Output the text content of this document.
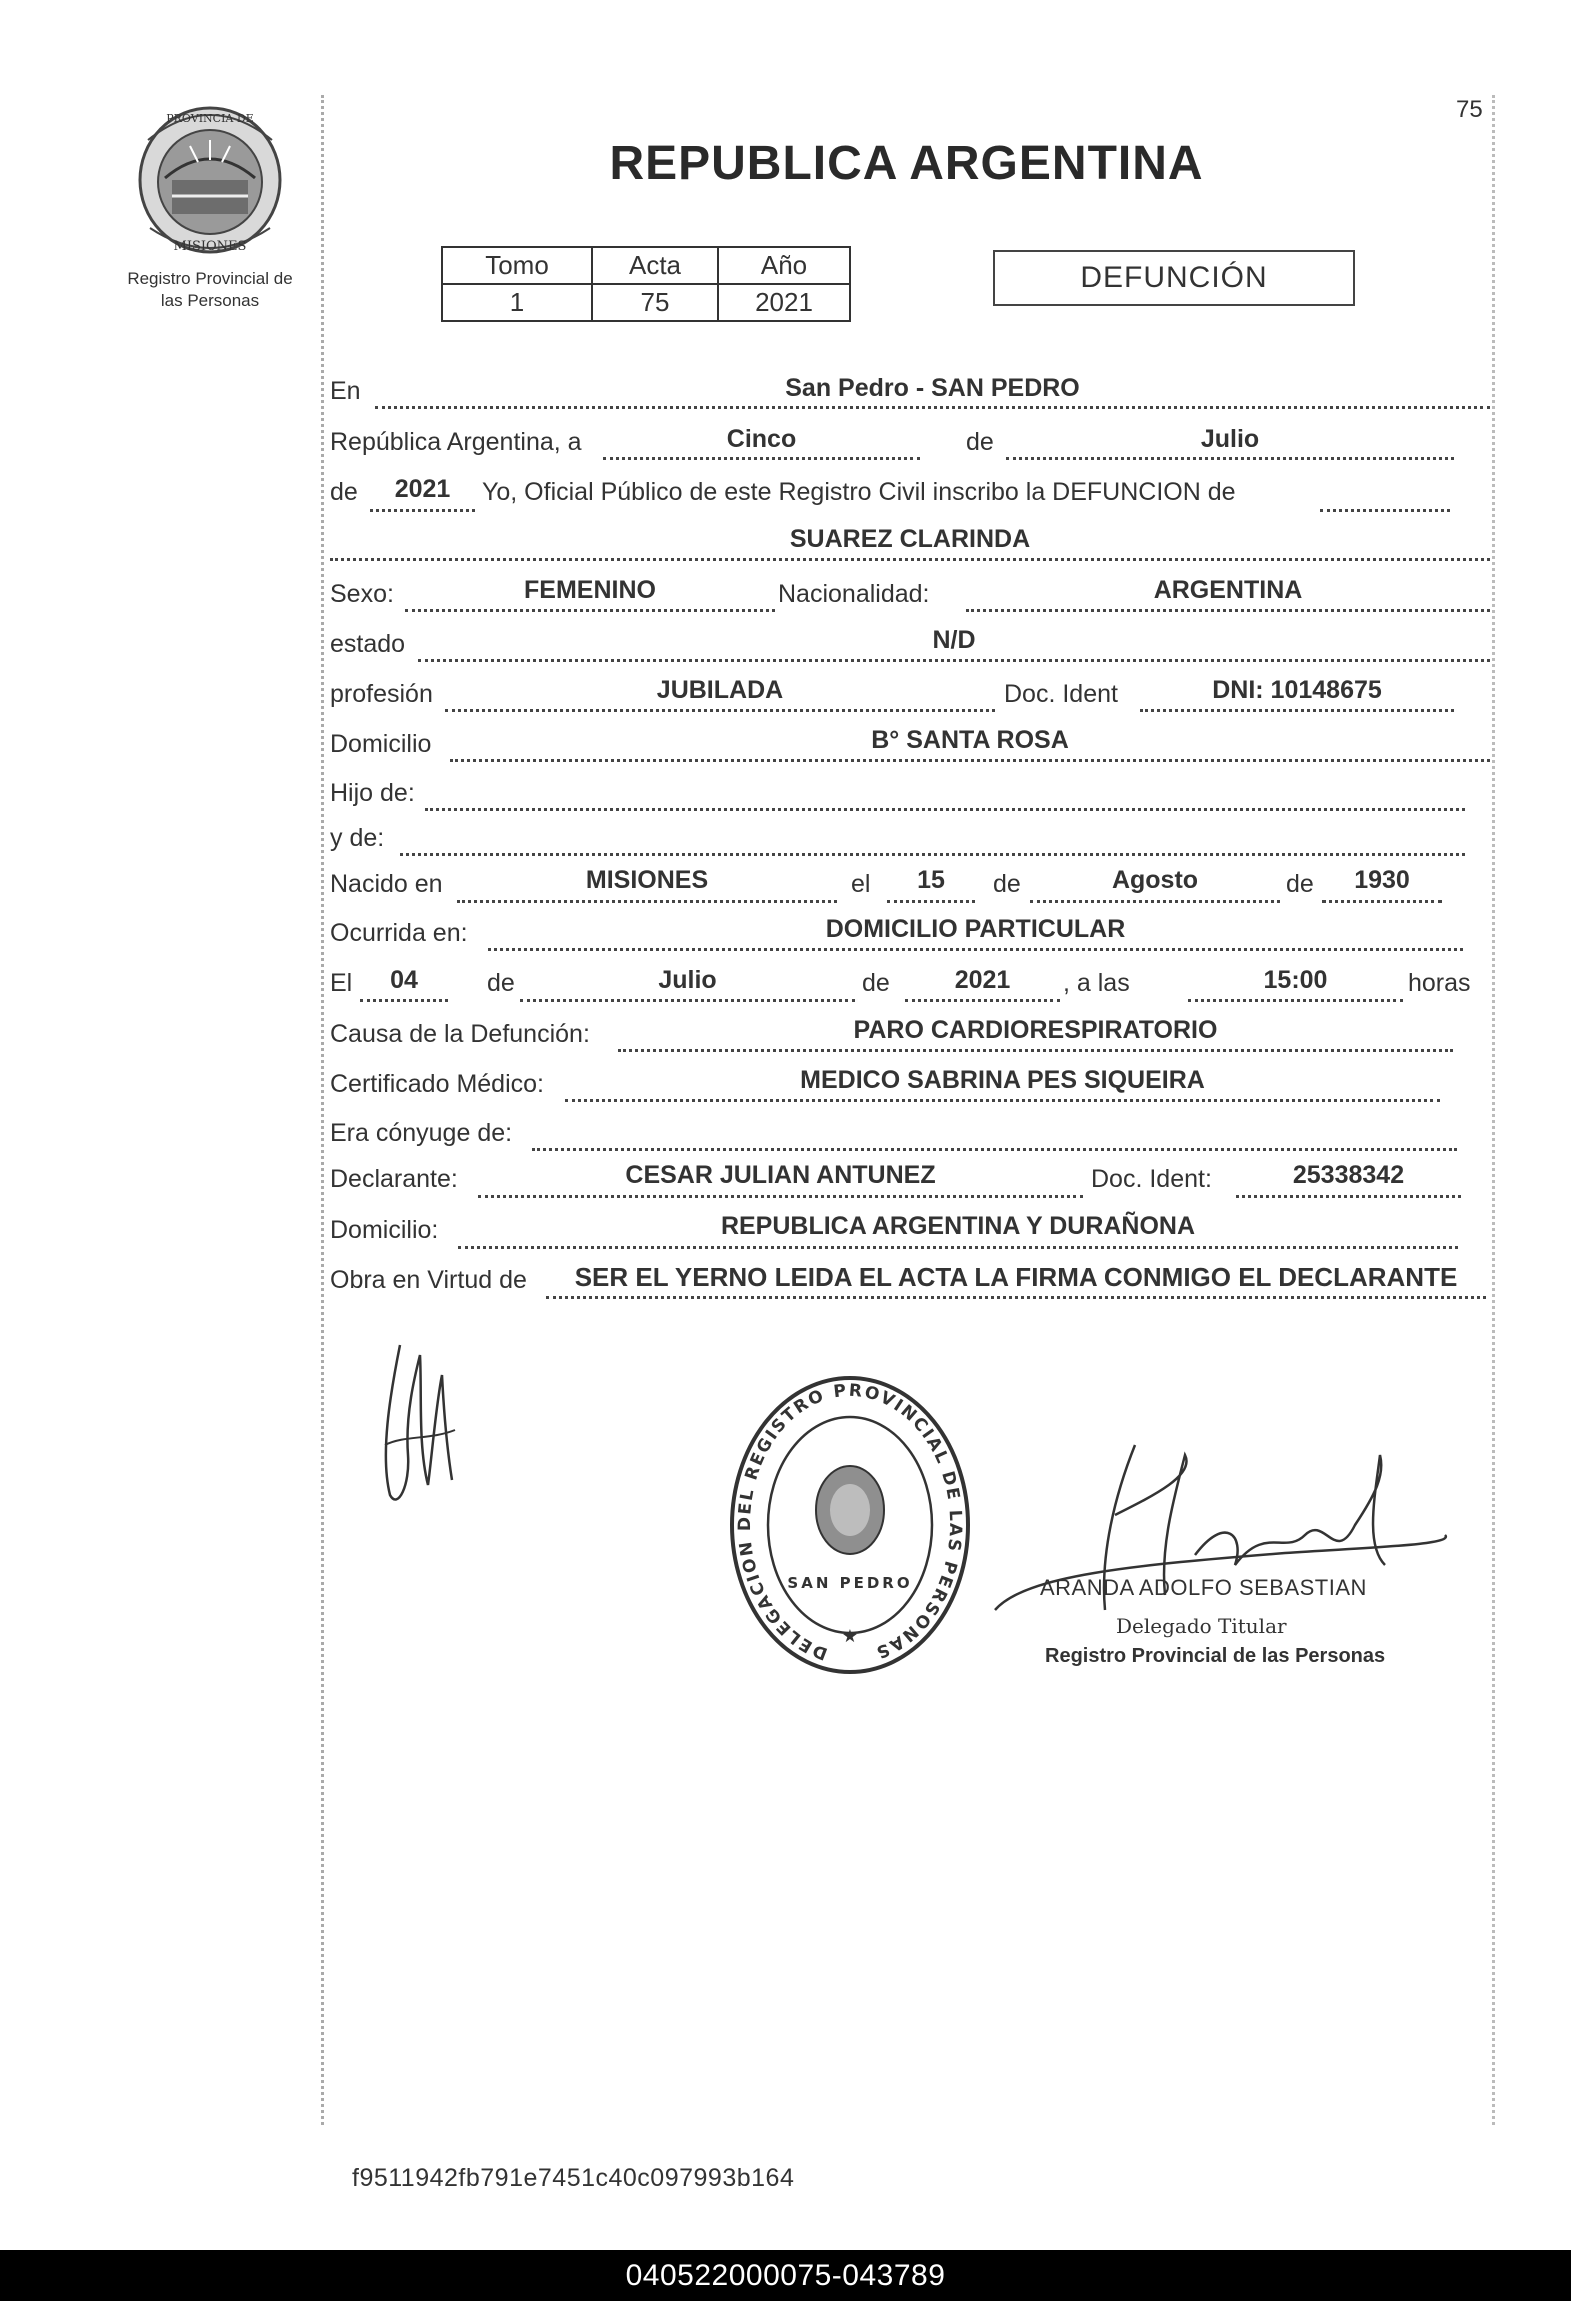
75
PROVINCIA DE
MISIONES
Registro Provincial de
las Personas
REPUBLICA ARGENTINA
Tomo	Acta	Año
1	75	2021
DEFUNCIÓN
En	San Pedro - SAN PEDRO
República Argentina, a	Cinco	de	Julio
de	2021	Yo, Oficial Público de este Registro Civil inscribo la DEFUNCION de
SUAREZ CLARINDA
Sexo:	FEMENINO	Nacionalidad:	ARGENTINA
estado	N/D
profesión	JUBILADA	Doc. Ident	DNI: 10148675
Domicilio	B° SANTA ROSA
Hijo de:
y de:
Nacido en	MISIONES	el	15	de	Agosto	de	1930
Ocurrida en:	DOMICILIO PARTICULAR
El	04	de	Julio	de	2021	, a las	15:00	horas
Causa de la Defunción:	PARO CARDIORESPIRATORIO
Certificado Médico:	MEDICO SABRINA PES SIQUEIRA
Era cónyuge de:
Declarante:	CESAR JULIAN ANTUNEZ	Doc. Ident:	25338342
Domicilio:	REPUBLICA ARGENTINA Y DURAÑONA
Obra en Virtud de	SER EL YERNO LEIDA EL ACTA LA FIRMA CONMIGO EL DECLARANTE
DELEGACION DEL REGISTRO PROVINCIAL DE LAS PERSONAS
SAN PEDRO
★
ARANDA ADOLFO SEBASTIAN
Delegado Titular
Registro Provincial de las Personas
f9511942fb791e7451c40c097993b164
040522000075-043789
